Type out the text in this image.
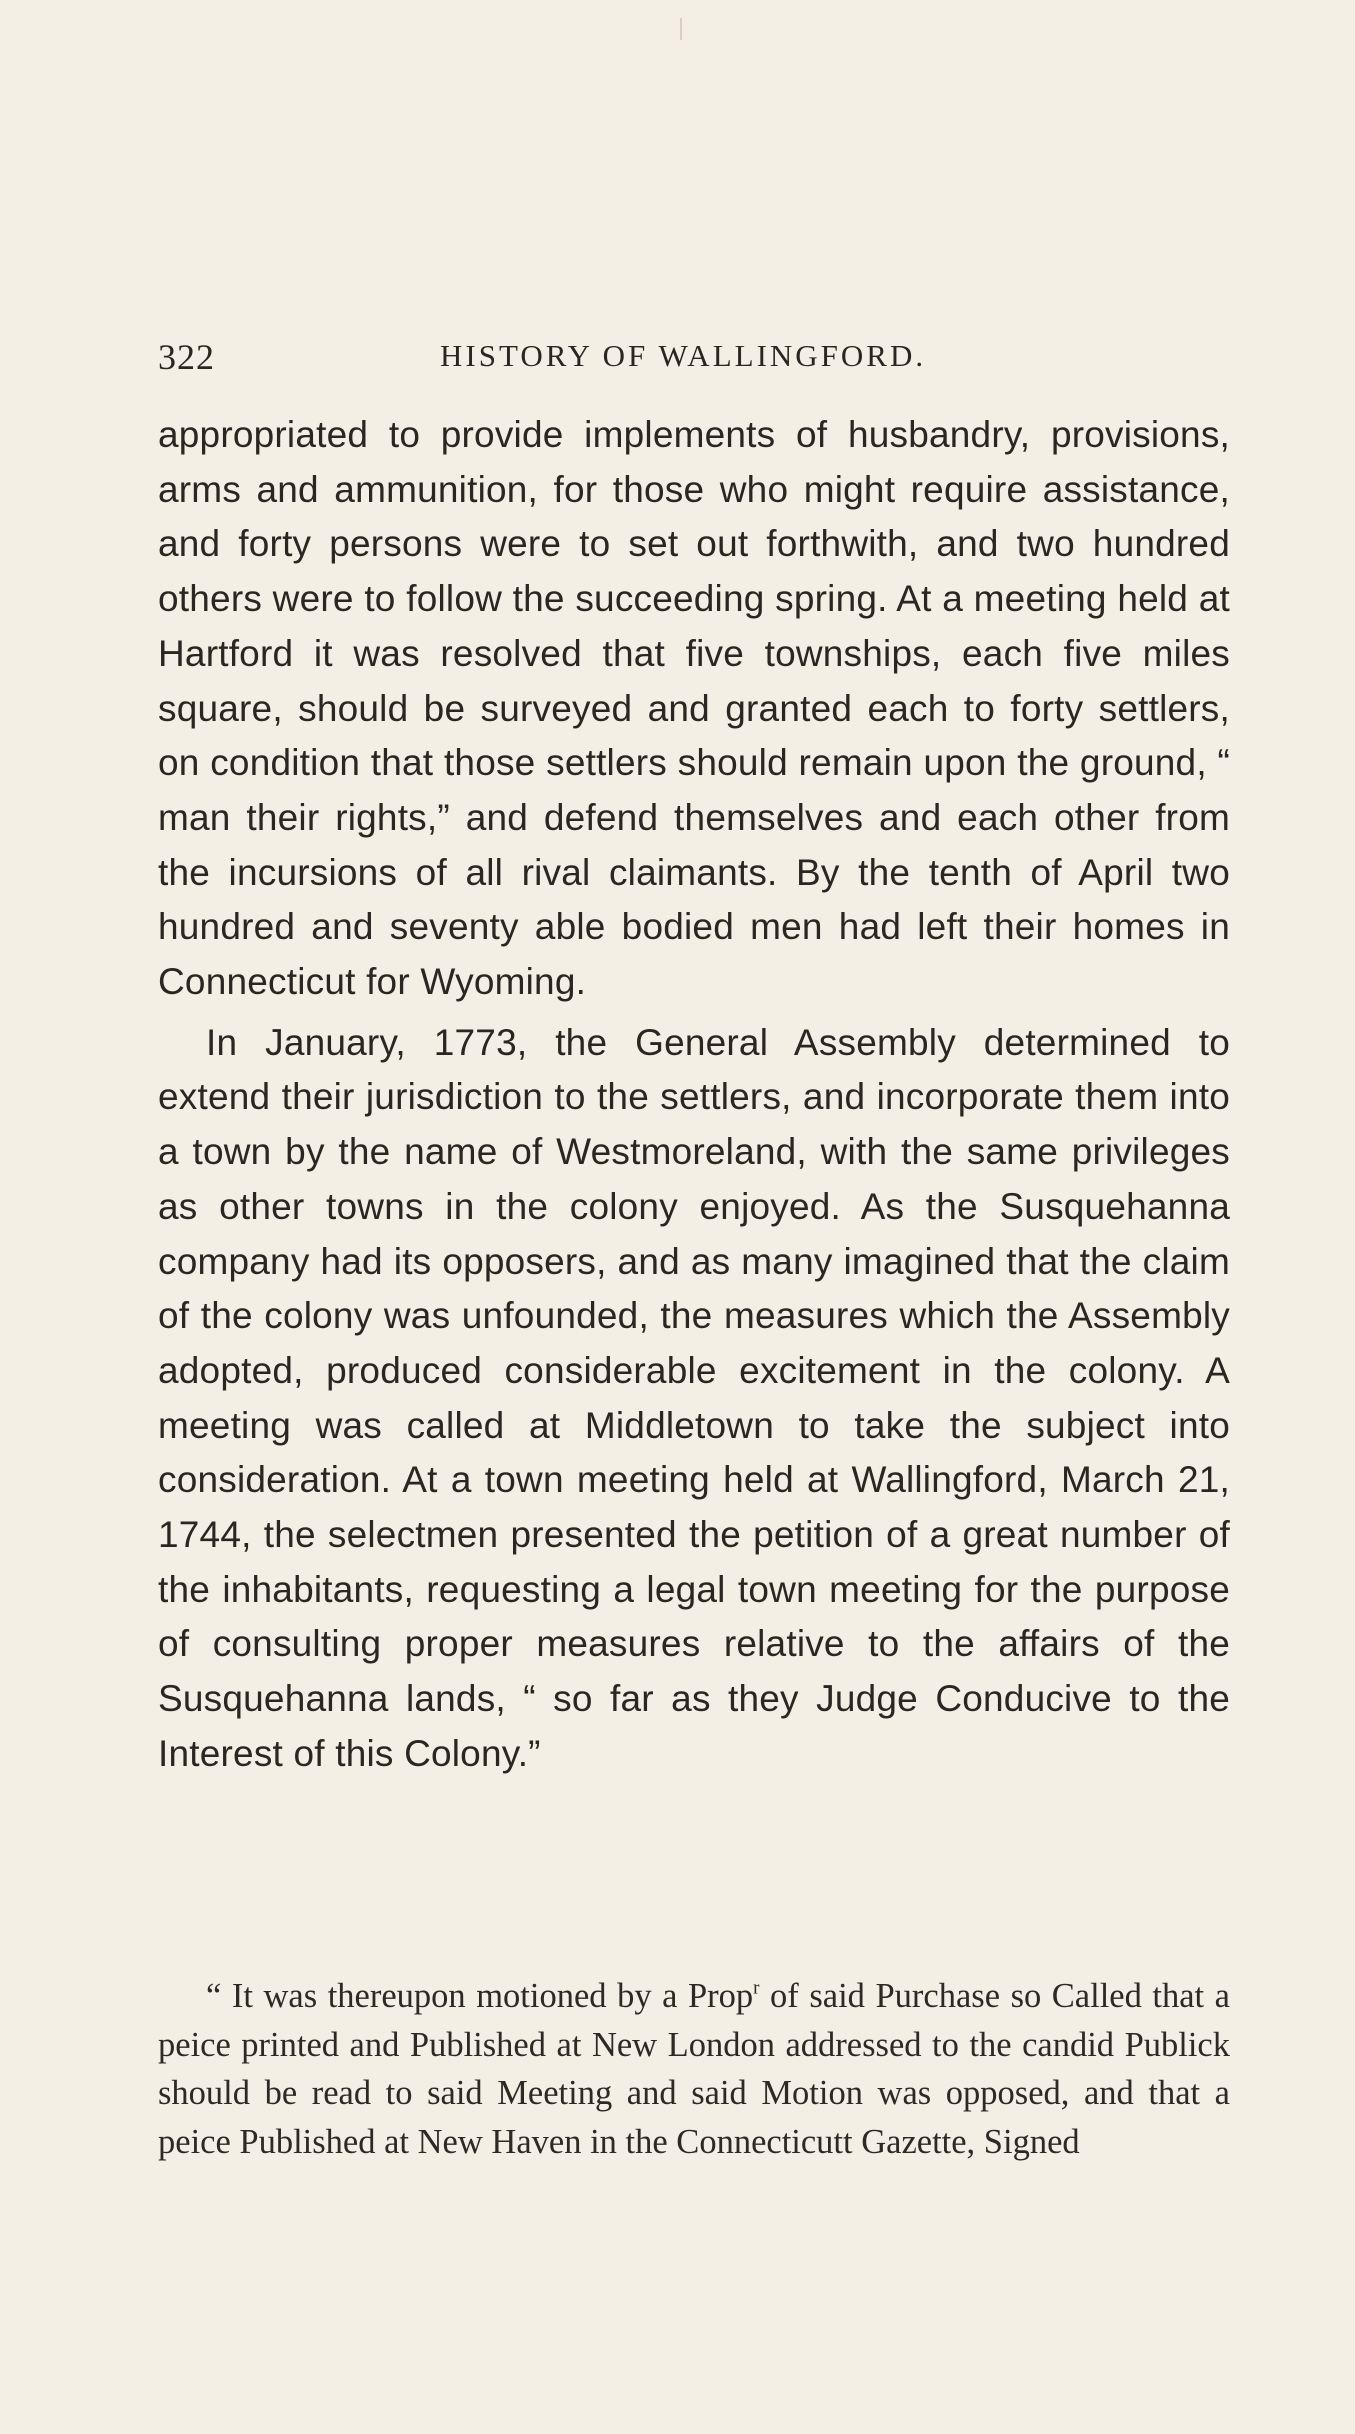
322	HISTORY OF WALLINGFORD.

appropriated to provide implements of husbandry, provisions, arms and ammunition, for those who might require assistance, and forty persons were to set out forthwith, and two hundred others were to follow the succeeding spring. At a meeting held at Hartford it was resolved that five townships, each five miles square, should be surveyed and granted each to forty settlers, on condition that those settlers should remain upon the ground, “ man their rights,” and defend themselves and each other from the incursions of all rival claimants. By the tenth of April two hundred and seventy able bodied men had left their homes in Connecticut for Wyoming.

In January, 1773, the General Assembly determined to extend their jurisdiction to the settlers, and incorporate them into a town by the name of Westmoreland, with the same privileges as other towns in the colony enjoyed. As the Susquehanna company had its opposers, and as many imagined that the claim of the colony was unfounded, the measures which the Assembly adopted, produced considerable excitement in the colony. A meeting was called at Middletown to take the subject into consideration. At a town meeting held at Wallingford, March 21, 1744, the selectmen presented the petition of a great number of the inhabitants, requesting a legal town meeting for the purpose of consulting proper measures relative to the affairs of the Susquehanna lands, “ so far as they Judge Conducive to the Interest of this Colony.”

“ It was thereupon motioned by a Prop$^r$ of said Purchase so Called that a peice printed and Published at New London addressed to the candid Publick should be read to said Meeting and said Motion was opposed, and that a peice Published at New Haven in the Connecticutt Gazette, Signed
